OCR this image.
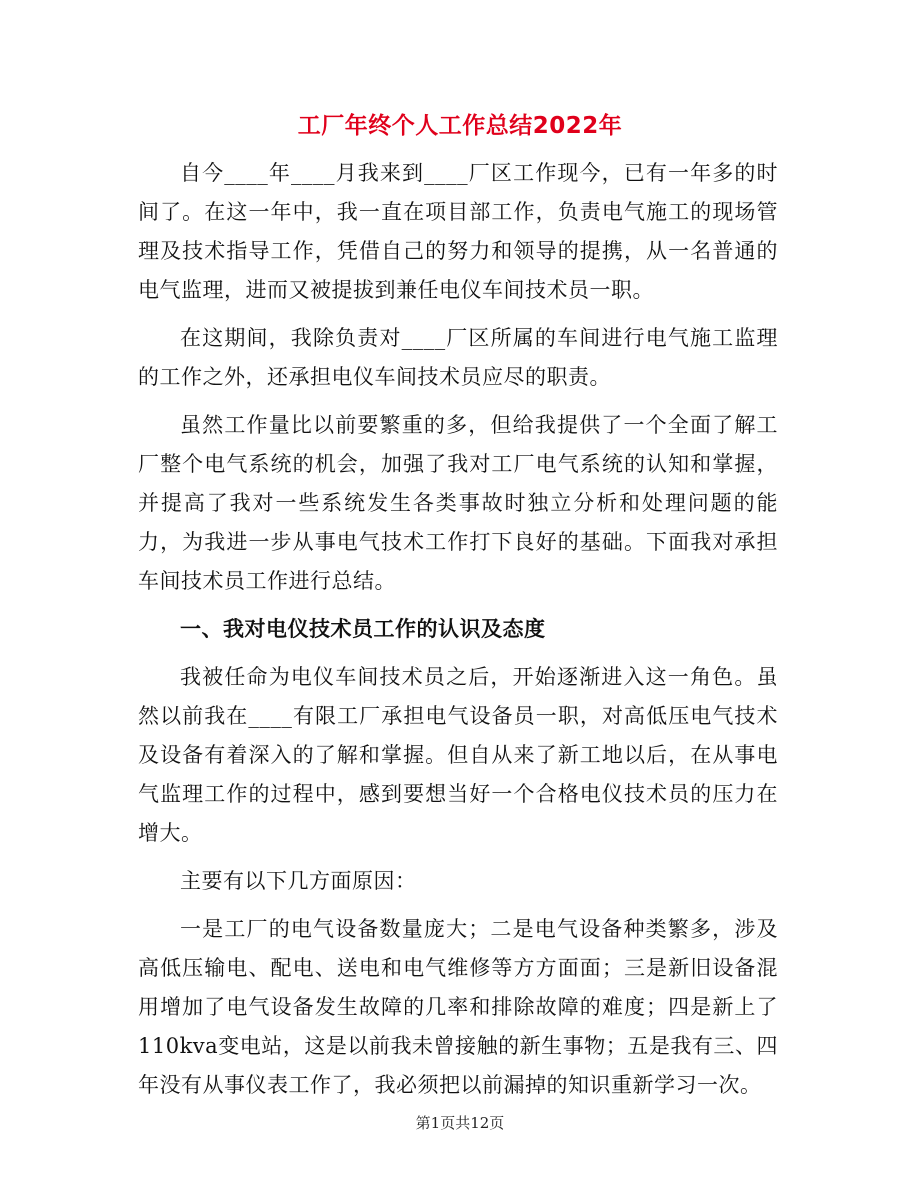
工厂年终个人工作总结2022年

自今____年____月我来到____厂区工作现今，已有一年多的时间了。在这一年中，我一直在项目部工作，负责电气施工的现场管理及技术指导工作，凭借自己的努力和领导的提携，从一名普通的电气监理，进而又被提拔到兼任电仪车间技术员一职。

在这期间，我除负责对____厂区所属的车间进行电气施工监理的工作之外，还承担电仪车间技术员应尽的职责。

虽然工作量比以前要繁重的多，但给我提供了一个全面了解工厂整个电气系统的机会，加强了我对工厂电气系统的认知和掌握，并提高了我对一些系统发生各类事故时独立分析和处理问题的能力，为我进一步从事电气技术工作打下良好的基础。下面我对承担车间技术员工作进行总结。

一、我对电仪技术员工作的认识及态度

我被任命为电仪车间技术员之后，开始逐渐进入这一角色。虽然以前我在____有限工厂承担电气设备员一职，对高低压电气技术及设备有着深入的了解和掌握。但自从来了新工地以后，在从事电气监理工作的过程中，感到要想当好一个合格电仪技术员的压力在增大。

主要有以下几方面原因：

一是工厂的电气设备数量庞大；二是电气设备种类繁多，涉及高低压输电、配电、送电和电气维修等方方面面；三是新旧设备混用增加了电气设备发生故障的几率和排除故障的难度；四是新上了110kva变电站，这是以前我未曾接触的新生事物；五是我有三、四年没有从事仪表工作了，我必须把以前漏掉的知识重新学习一次。

第1页共12页
